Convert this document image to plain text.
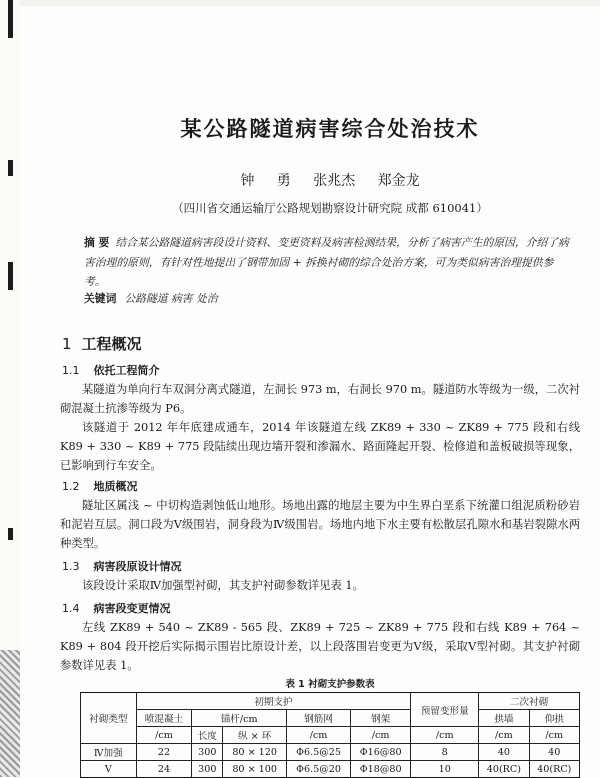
某公路隧道病害综合处治技术
钟 勇 张兆杰 郑金龙
（四川省交通运输厅公路规划勘察设计研究院 成都 610041）
摘 要 结合某公路隧道病害段设计资料、变更资料及病害检测结果，分析了病害产生的原因，介绍了病害治理的原则，有针对性地提出了钢带加固 + 拆换衬砌的综合处治方案，可为类似病害治理提供参考。
关键词 公路隧道 病害 处治
1 工程概况
1.1 依托工程简介
某隧道为单向行车双洞分离式隧道，左洞长 973 m，右洞长 970 m。隧道防水等级为一级，二次衬砌混凝土抗渗等级为 P6。
该隧道于 2012 年年底建成通车，2014 年该隧道左线 ZK89 + 330 ~ ZK89 + 775 段和右线 K89 + 330 ~ K89 + 775 段陆续出现边墙开裂和渗漏水、路面隆起开裂、检修道和盖板破损等现象，已影响到行车安全。
1.2 地质概况
隧址区属浅 ~ 中切构造剥蚀低山地形。场地出露的地层主要为中生界白垩系下统灌口组泥质粉砂岩和泥岩互层。洞口段为Ⅴ级围岩，洞身段为Ⅳ级围岩。场地内地下水主要有松散层孔隙水和基岩裂隙水两种类型。
1.3 病害段原设计情况
该段设计采取Ⅳ加强型衬砌，其支护衬砌参数详见表 1。
1.4 病害段变更情况
左线 ZK89 + 540 ~ ZK89 - 565 段、ZK89 + 725 ~ ZK89 + 775 段和右线 K89 + 764 ~ K89 + 804 段开挖后实际揭示围岩比原设计差，以上段落围岩变更为Ⅴ级，采取Ⅴ型衬砌。其支护衬砌参数详见表 1。
表 1 衬砌支护参数表
衬砌类型	初期支护					预留变形量	二次衬砌	
	喷混凝土	锚杆/cm		钢筋网	钢架		拱墙	仰拱
	/cm	长度	纵 × 环	/cm	/cm	/cm	/cm	/cm
Ⅳ加强	22	300	80 × 120	Φ6.5@25	Φ16@80	8	40	40
Ⅴ	24	300	80 × 100	Φ6.5@20	Φ18@80	10	40(RC)	40(RC)
